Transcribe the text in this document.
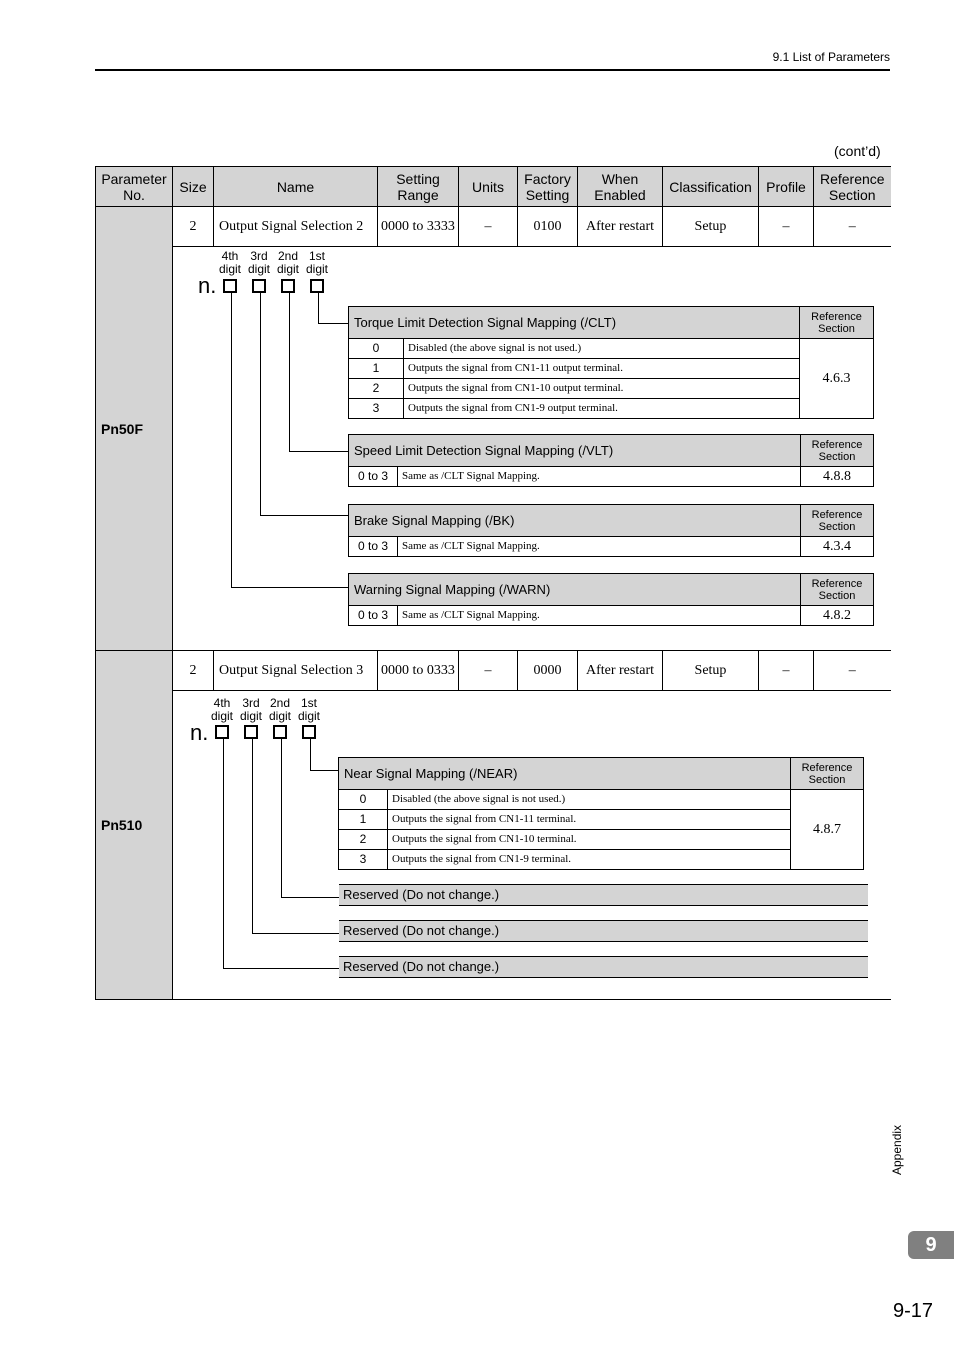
9.1 List of Parameters
(cont’d)
Parameter No.	Size	Name	Setting Range	Units	Factory Setting	When Enabled	Classification	Profile	Reference Section
Pn50F	2	Output Signal Selection 2	0000 to 3333	–	0100	After restart	Setup	–	–

Pn510	2	Output Signal Selection 3	0000 to 0333	–	0000	After restart	Setup	–	–

4th digit
3rd digit
2nd digit
1st digit
n.
Torque Limit Detection Signal Mapping (/CLT)		Reference Section
0	Disabled (the above signal is not used.)	4.6.3
1	Outputs the signal from CN1-11 output terminal.	
2	Outputs the signal from CN1-10 output terminal.	
3	Outputs the signal from CN1-9 output terminal.	
Speed Limit Detection Signal Mapping (/VLT)		Reference Section
0 to 3	Same as /CLT Signal Mapping.	4.8.8
Brake Signal Mapping (/BK)		Reference Section
0 to 3	Same as /CLT Signal Mapping.	4.3.4
Warning Signal Mapping (/WARN)		Reference Section
0 to 3	Same as /CLT Signal Mapping.	4.8.2
4th digit
3rd digit
2nd digit
1st digit
n.
Near Signal Mapping (/NEAR)		Reference Section
0	Disabled (the above signal is not used.)	4.8.7
1	Outputs the signal from CN1-11 terminal.	
2	Outputs the signal from CN1-10 terminal.	
3	Outputs the signal from CN1-9 terminal.	
Reserved (Do not change.)
Reserved (Do not change.)
Reserved (Do not change.)
Appendix
9
9-17
